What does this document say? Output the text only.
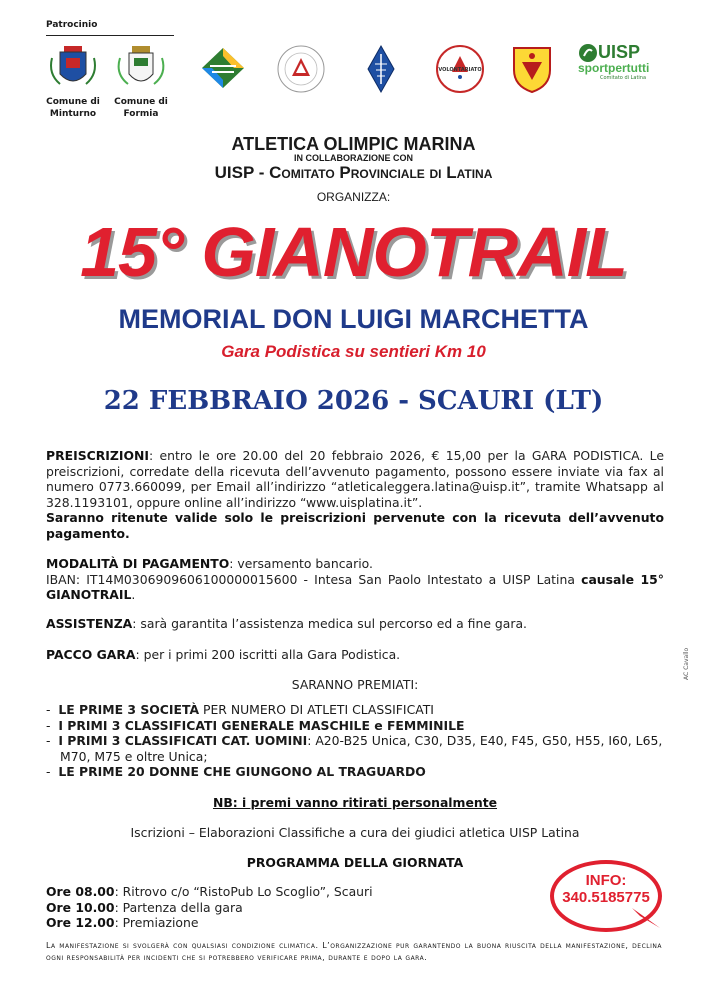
Patrocinio
Comune di
Minturno
Comune di
Formia
VOLONTARIATO
UISP
sportpertutti
Comitato di Latina
ATLETICA OLIMPIC MARINA
IN COLLABORAZIONE CON
UISP - Comitato Provinciale di Latina
ORGANIZZA:
15° GIANOTRAIL
MEMORIAL DON LUIGI MARCHETTA
Gara Podistica su sentieri Km 10
22 FEBBRAIO 2026 - SCAURI (LT)
PREISCRIZIONI: entro le ore 20.00 del 20 febbraio 2026, € 15,00 per la GARA PODISTICA. Le preiscrizioni, corredate della ricevuta dell’avvenuto pagamento, possono essere inviate via fax al numero 0773.660099, per Email all’indirizzo “atleticaleggera.latina@uisp.it”, tramite Whatsapp al 328.1193101, oppure online all’indirizzo “www.uisplatina.it”.
Saranno ritenute valide solo le preiscrizioni pervenute con la ricevuta dell’avvenuto pagamento.
MODALITÀ DI PAGAMENTO: versamento bancario.
IBAN: IT14M0306909606100000015600 - Intesa San Paolo Intestato a UISP Latina causale 15° GIANOTRAIL.
ASSISTENZA: sarà garantita l’assistenza medica sul percorso ed a fine gara.
PACCO GARA: per i primi 200 iscritti alla Gara Podistica.
SARANNO PREMIATI:
- LE PRIME 3 SOCIETÀ PER NUMERO DI ATLETI CLASSIFICATI
- I PRIMI 3 CLASSIFICATI GENERALE MASCHILE e FEMMINILE
- I PRIMI 3 CLASSIFICATI CAT. UOMINI: A20-B25 Unica, C30, D35, E40, F45, G50, H55, I60, L65, M70, M75 e oltre Unica;
- LE PRIME 20 DONNE CHE GIUNGONO AL TRAGUARDO
NB: i premi vanno ritirati personalmente
Iscrizioni – Elaborazioni Classifiche a cura dei giudici atletica UISP Latina
PROGRAMMA DELLA GIORNATA
Ore 08.00: Ritrovo c/o “RistoPub Lo Scoglio”, Scauri
Ore 10.00: Partenza della gara
Ore 12.00: Premiazione
INFO:
340.5185775
La manifestazione si svolgerà con qualsiasi condizione climatica. L’organizzazione pur garantendo la buona riuscita della manifestazione, declina ogni responsabilità per incidenti che si potrebbero verificare prima, durante e dopo la gara.
AC Cavallo
